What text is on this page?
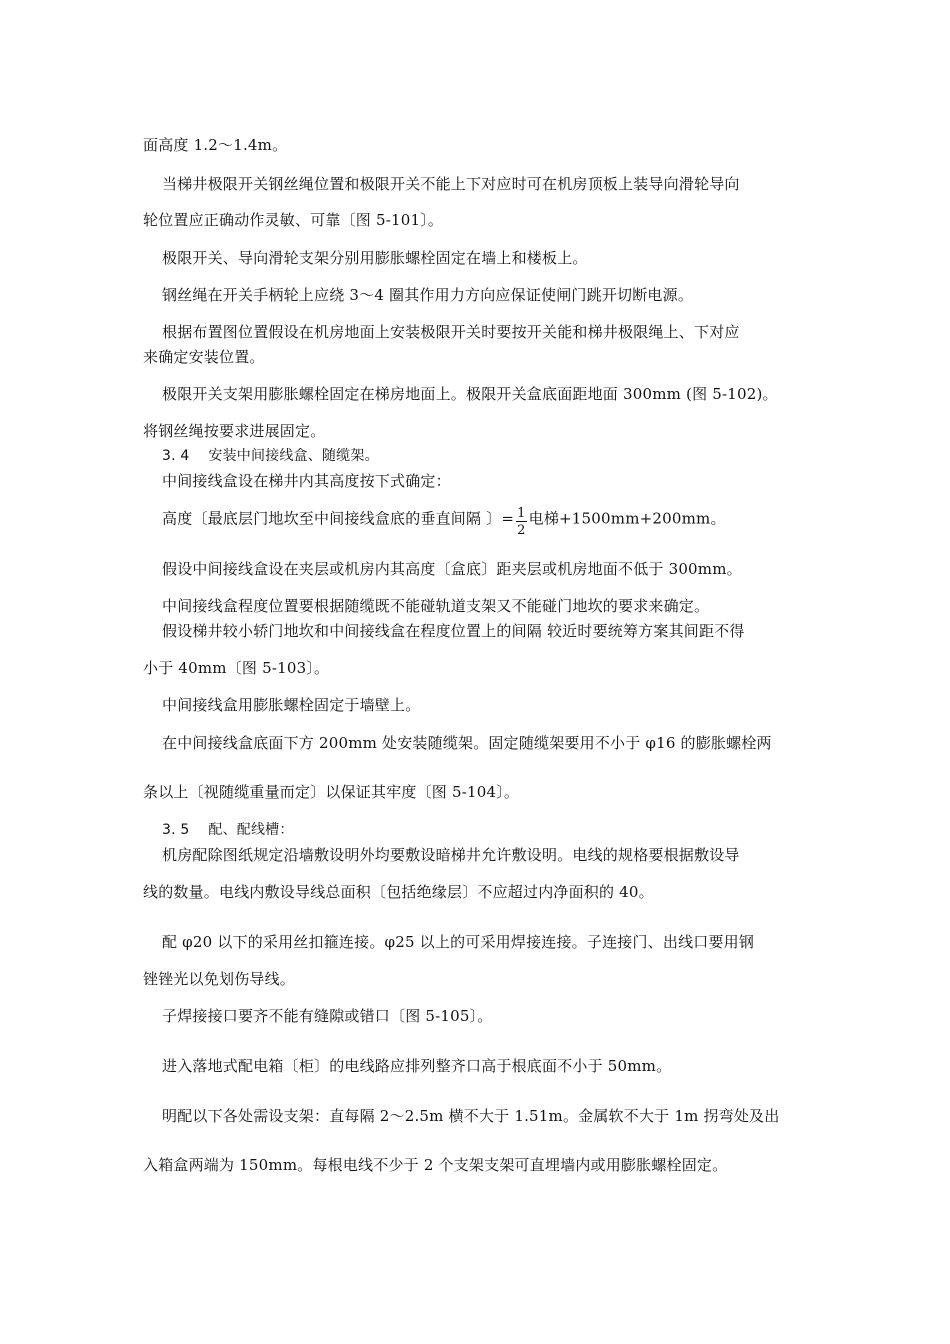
面高度 1.2～1.4m。
当梯井极限开关钢丝绳位置和极限开关不能上下对应时可在机房顶板上装导向滑轮导向
轮位置应正确动作灵敏、可靠〔图 5-101〕。
极限开关、导向滑轮支架分别用膨胀螺栓固定在墙上和楼板上。
钢丝绳在开关手柄轮上应绕 3～4 圈其作用力方向应保证使闸门跳开切断电源。
根据布置图位置假设在机房地面上安装极限开关时要按开关能和梯井极限绳上、下对应
来确定安装位置。
极限开关支架用膨胀螺栓固定在梯房地面上。极限开关盒底面距地面 300mm (图 5-102)。
将钢丝绳按要求进展固定。
3. 4　 安装中间接线盒、随缆架。
中间接线盒设在梯井内其高度按下式确定：
高度〔最底层门地坎至中间接线盒底的垂直间隔 〕= $\frac{1}{2}$ 电梯+1500mm+200mm。
假设中间接线盒设在夹层或机房内其高度〔盒底〕距夹层或机房地面不低于 300mm。
中间接线盒程度位置要根据随缆既不能碰轨道支架又不能碰门地坎的要求来确定。
假设梯井较小轿门地坎和中间接线盒在程度位置上的间隔 较近时要统筹方案其间距不得
小于 40mm〔图 5-103〕。
中间接线盒用膨胀螺栓固定于墙壁上。
在中间接线盒底面下方 200mm 处安装随缆架。固定随缆架要用不小于 φ16 的膨胀螺栓两
条以上〔视随缆重量而定〕以保证其牢度〔图 5-104〕。
3. 5　 配、配线槽：
机房配除图纸规定沿墙敷设明外均要敷设暗梯井允许敷设明。电线的规格要根据敷设导
线的数量。电线内敷设导线总面积〔包括绝缘层〕不应超过内净面积的 40。
配 φ20 以下的采用丝扣箍连接。φ25 以上的可采用焊接连接。子连接门、出线口要用钢
锉锉光以免划伤导线。
子焊接接口要齐不能有缝隙或错口〔图 5-105〕。
进入落地式配电箱〔柜〕的电线路应排列整齐口高于根底面不小于 50mm。
明配以下各处需设支架：直每隔 2～2.5m 横不大于 1.51m。金属软不大于 1m 拐弯处及出
入箱盒两端为 150mm。每根电线不少于 2 个支架支架可直埋墙内或用膨胀螺栓固定。
